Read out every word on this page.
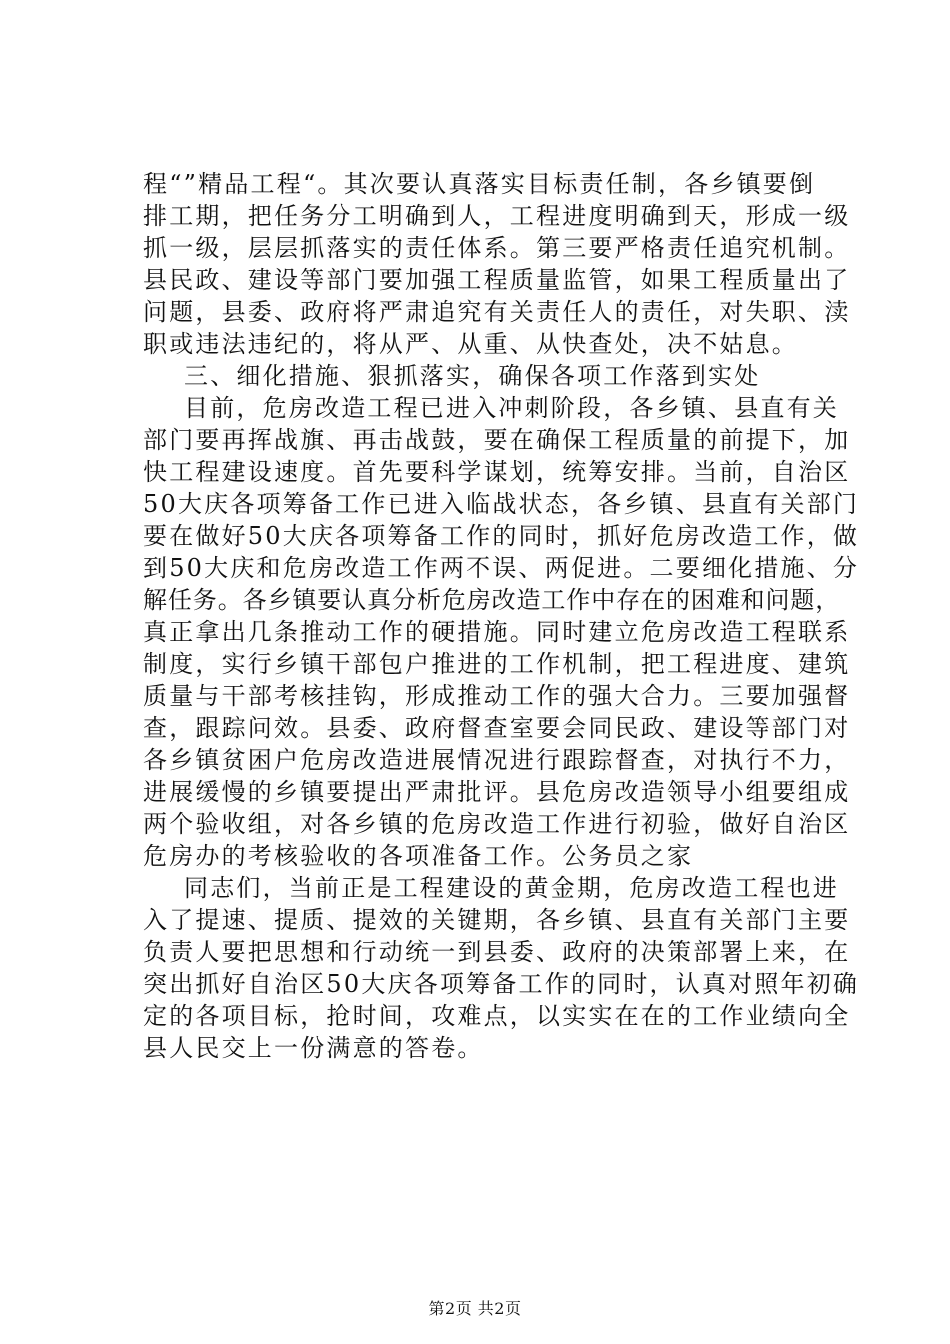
程“”精品工程“。其次要认真落实目标责任制，各乡镇要倒
排工期，把任务分工明确到人，工程进度明确到天，形成一级
抓一级，层层抓落实的责任体系。第三要严格责任追究机制。
县民政、建设等部门要加强工程质量监管，如果工程质量出了
问题，县委、政府将严肃追究有关责任人的责任，对失职、渎
职或违法违纪的，将从严、从重、从快查处，决不姑息。
三、细化措施、狠抓落实，确保各项工作落到实处
目前，危房改造工程已进入冲刺阶段，各乡镇、县直有关
部门要再挥战旗、再击战鼓，要在确保工程质量的前提下，加
快工程建设速度。首先要科学谋划，统筹安排。当前，自治区
50大庆各项筹备工作已进入临战状态，各乡镇、县直有关部门
要在做好50大庆各项筹备工作的同时，抓好危房改造工作，做
到50大庆和危房改造工作两不误、两促进。二要细化措施、分
解任务。各乡镇要认真分析危房改造工作中存在的困难和问题，
真正拿出几条推动工作的硬措施。同时建立危房改造工程联系
制度，实行乡镇干部包户推进的工作机制，把工程进度、建筑
质量与干部考核挂钩，形成推动工作的强大合力。三要加强督
查，跟踪问效。县委、政府督查室要会同民政、建设等部门对
各乡镇贫困户危房改造进展情况进行跟踪督查，对执行不力，
进展缓慢的乡镇要提出严肃批评。县危房改造领导小组要组成
两个验收组，对各乡镇的危房改造工作进行初验，做好自治区
危房办的考核验收的各项准备工作。公务员之家
同志们，当前正是工程建设的黄金期，危房改造工程也进
入了提速、提质、提效的关键期，各乡镇、县直有关部门主要
负责人要把思想和行动统一到县委、政府的决策部署上来，在
突出抓好自治区50大庆各项筹备工作的同时，认真对照年初确
定的各项目标，抢时间，攻难点，以实实在在的工作业绩向全
县人民交上一份满意的答卷。
第2页 共2页
